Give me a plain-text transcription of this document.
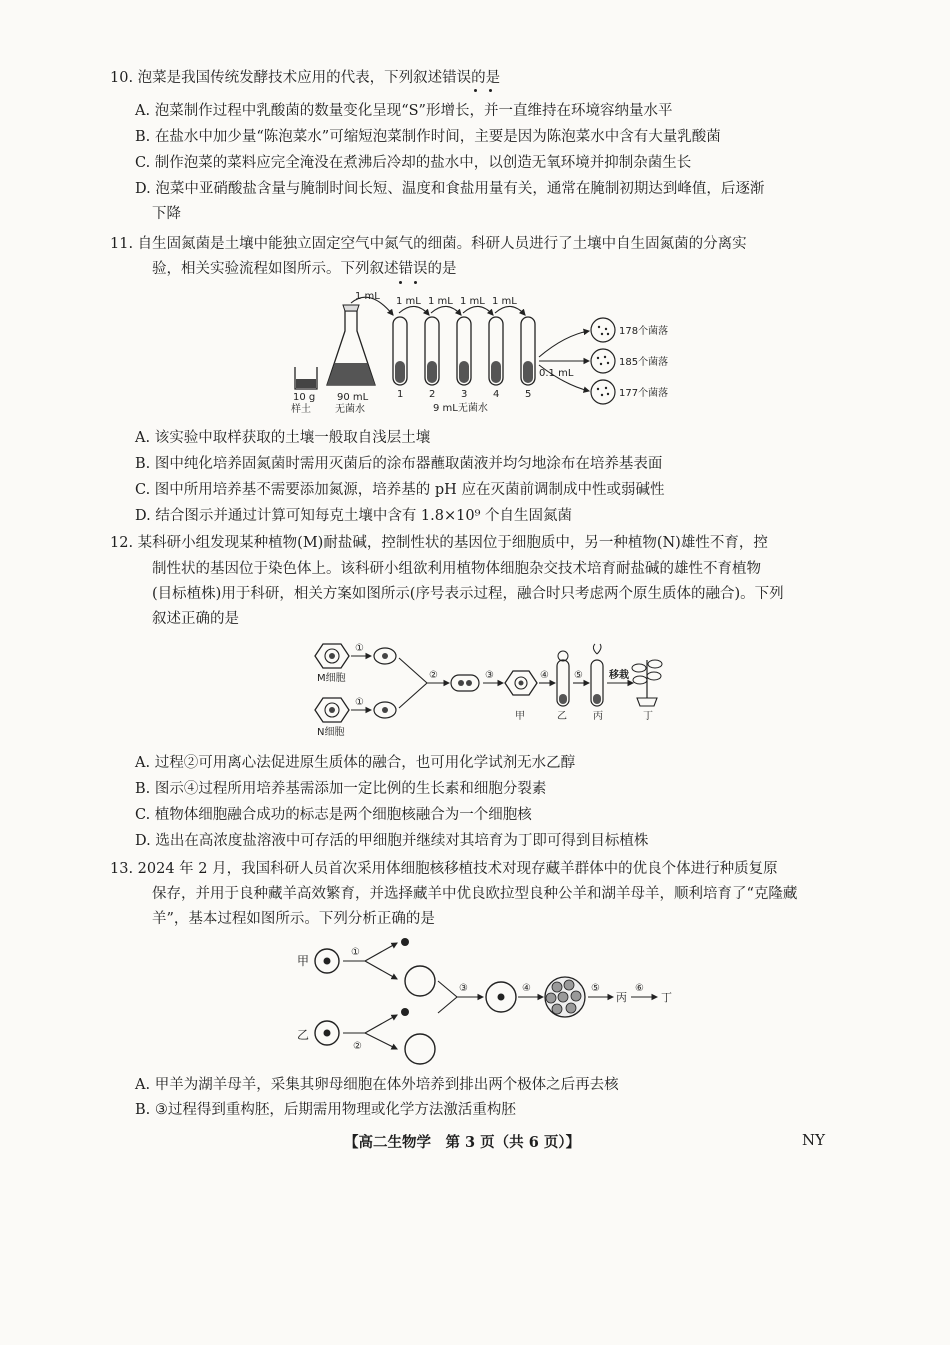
10. 泡菜是我国传统发酵技术应用的代表，下列叙述错误的是
A. 泡菜制作过程中乳酸菌的数量变化呈现“S”形增长，并一直维持在环境容纳量水平
B. 在盐水中加少量“陈泡菜水”可缩短泡菜制作时间，主要是因为陈泡菜水中含有大量乳酸菌
C. 制作泡菜的菜料应完全淹没在煮沸后冷却的盐水中，以创造无氧环境并抑制杂菌生长
D. 泡菜中亚硝酸盐含量与腌制时间长短、温度和食盐用量有关，通常在腌制初期达到峰值，后逐渐
下降
11. 自生固氮菌是土壤中能独立固定空气中氮气的细菌。科研人员进行了土壤中自生固氮菌的分离实
验，相关实验流程如图所示。下列叙述错误的是
10 g
样土
90 mL
无菌水
1 mL 1 mL 1 mL 1 mL 1 mL
1	2	3	4	5
9 mL无菌水
0.1 mL
178个菌落
185个菌落
177个菌落
A. 该实验中取样获取的土壤一般取自浅层土壤
B. 图中纯化培养固氮菌时需用灭菌后的涂布器蘸取菌液并均匀地涂布在培养基表面
C. 图中所用培养基不需要添加氮源，培养基的 pH 应在灭菌前调制成中性或弱碱性
D. 结合图示并通过计算可知每克土壤中含有 1.8×10⁹ 个自生固氮菌
12. 某科研小组发现某种植物(M)耐盐碱，控制性状的基因位于细胞质中，另一种植物(N)雄性不育，控
制性状的基因位于染色体上。该科研小组欲利用植物体细胞杂交技术培育耐盐碱的雄性不育植物
(目标植株)用于科研，相关方案如图所示(序号表示过程，融合时只考虑两个原生质体的融合)。下列
叙述正确的是
M细胞
①
N细胞
①
②	③
甲
④
乙
⑤
丙
移栽
丁
A. 过程②可用离心法促进原生质体的融合，也可用化学试剂无水乙醇
B. 图示④过程所用培养基需添加一定比例的生长素和细胞分裂素
C. 植物体细胞融合成功的标志是两个细胞核融合为一个细胞核
D. 选出在高浓度盐溶液中可存活的甲细胞并继续对其培育为丁即可得到目标植株
13. 2024 年 2 月，我国科研人员首次采用体细胞核移植技术对现存藏羊群体中的优良个体进行种质复原
保存，并用于良种藏羊高效繁育，并选择藏羊中优良欧拉型良种公羊和湖羊母羊，顺利培育了“克隆藏
羊”，基本过程如图所示。下列分析正确的是
甲
①
乙
②
③	④	⑤
丙
⑥
丁
A. 甲羊为湖羊母羊，采集其卵母细胞在体外培养到排出两个极体之后再去核
B. ③过程得到重构胚，后期需用物理或化学方法激活重构胚
【高二生物学　第 3 页（共 6 页）】	NY
